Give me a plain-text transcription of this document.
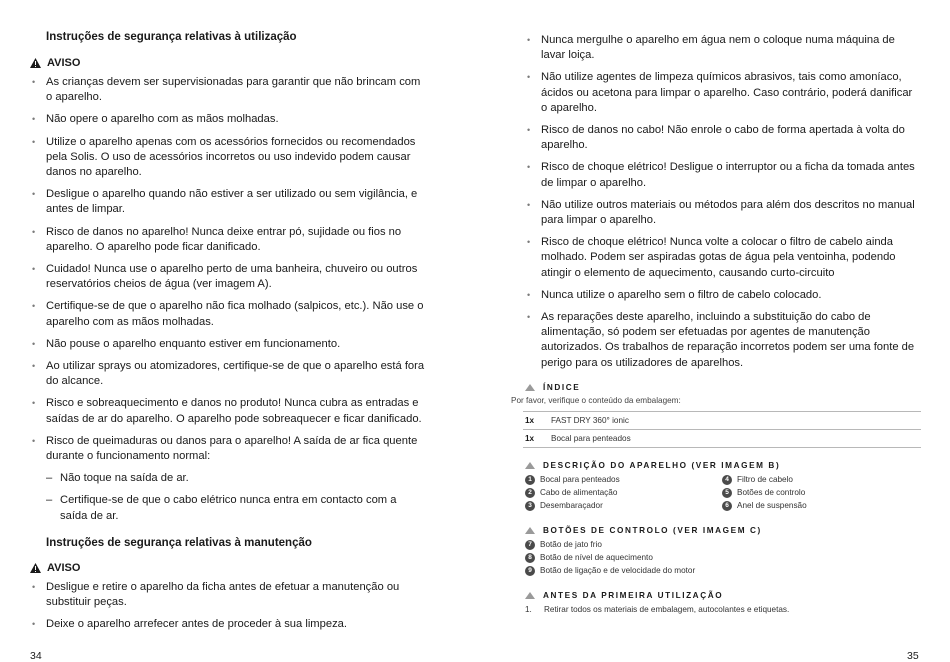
Instruções de segurança relativas à utilização
AVISO
• As crianças devem ser supervisionadas para garantir que não brincam com o aparelho.
• Não opere o aparelho com as mãos molhadas.
• Utilize o aparelho apenas com os acessórios fornecidos ou recomendados pela Solis. O uso de acessórios incorretos ou uso indevido podem causar danos no aparelho.
• Desligue o aparelho quando não estiver a ser utilizado ou sem vigilância, e antes de limpar.
• Risco de danos no aparelho! Nunca deixe entrar pó, sujidade ou fios no aparelho. O aparelho pode ficar danificado.
• Cuidado! Nunca use o aparelho perto de uma banheira, chuveiro ou outros reservatórios cheios de água (ver imagem A).
• Certifique-se de que o aparelho não fica molhado (salpicos, etc.). Não use o aparelho com as mãos molhadas.
• Não pouse o aparelho enquanto estiver em funcionamento.
• Ao utilizar sprays ou atomizadores, certifique-se de que o aparelho está fora do alcance.
• Risco e sobreaquecimento e danos no produto! Nunca cubra as entradas e saídas de ar do aparelho. O aparelho pode sobreaquecer e ficar danificado.
• Risco de queimaduras ou danos para o aparelho! A saída de ar fica quente durante o funcionamento normal:
– Não toque na saída de ar.
– Certifique-se de que o cabo elétrico nunca entra em contacto com a saída de ar.
Instruções de segurança relativas à manutenção
AVISO
• Desligue e retire o aparelho da ficha antes de efetuar a manutenção ou substituir peças.
• Deixe o aparelho arrefecer antes de proceder à sua limpeza.
34
• Nunca mergulhe o aparelho em água nem o coloque numa máquina de lavar loiça.
• Não utilize agentes de limpeza químicos abrasivos, tais como amoníaco, ácidos ou acetona para limpar o aparelho. Caso contrário, poderá danificar o aparelho.
• Risco de danos no cabo! Não enrole o cabo de forma apertada à volta do aparelho.
• Risco de choque elétrico! Desligue o interruptor ou a ficha da tomada antes de limpar o aparelho.
• Não utilize outros materiais ou métodos para além dos descritos no manual para limpar o aparelho.
• Risco de choque elétrico! Nunca volte a colocar o filtro de cabelo ainda molhado. Podem ser aspiradas gotas de água pela ventoinha, podendo atingir o elemento de aquecimento, causando curto-circuito
• Nunca utilize o aparelho sem o filtro de cabelo colocado.
• As reparações deste aparelho, incluindo a substituição do cabo de alimentação, só podem ser efetuadas por agentes de manutenção autorizados. Os trabalhos de reparação incorretos podem ser uma fonte de perigo para os utilizadores de aparelhos.
ÍNDICE
Por favor, verifique o conteúdo da embalagem:
1x	FAST DRY 360° ionic
1x	Bocal para penteados
DESCRIÇÃO DO APARELHO (VER IMAGEM B)
1 Bocal para penteados
2 Cabo de alimentação
3 Desembaraçador
4 Filtro de cabelo
5 Botões de controlo
6 Anel de suspensão
BOTÕES DE CONTROLO (VER IMAGEM C)
7 Botão de jato frio
8 Botão de nível de aquecimento
9 Botão de ligação e de velocidade do motor
ANTES DA PRIMEIRA UTILIZAÇÃO
1.	Retirar todos os materiais de embalagem, autocolantes e etiquetas.
35
